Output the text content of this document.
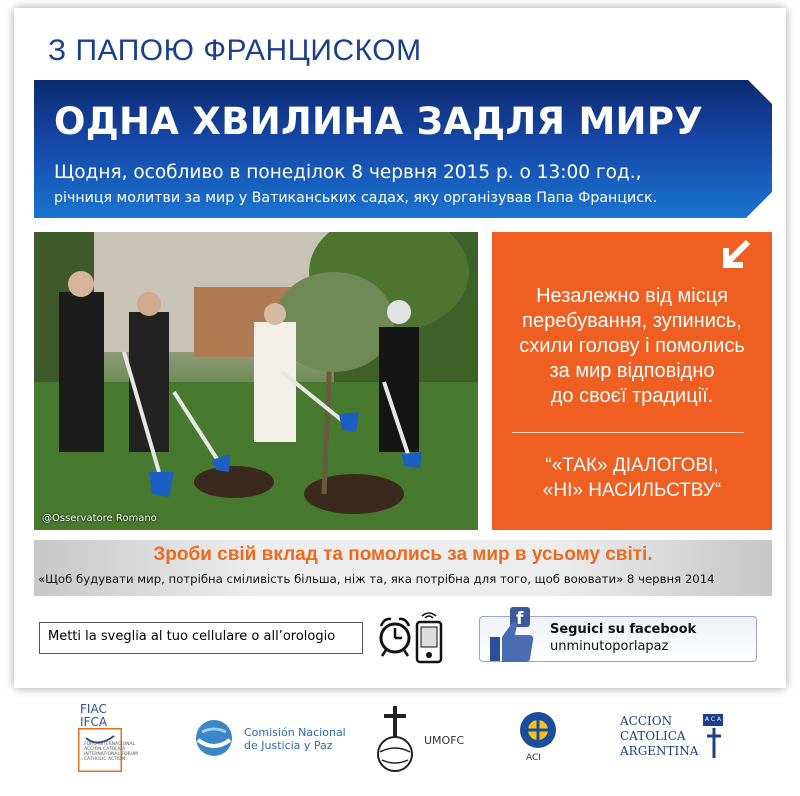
З ПАПОЮ ФРАНЦИСКОМ
ОДНА ХВИЛИНА ЗАДЛЯ МИРУ
Щодня, особливо в понеділок 8 червня 2015 р. о 13:00 год.,
річниця молитви за мир у Ватиканських садах, яку організував Папа Франциск.
@Osservatore Romano
Незалежно від місця
перебування, зупинись,
схили голову і помолись
за мир відповідно
до своєї традиції.
“«ТАК» ДІАЛОГОВІ,
«НІ» НАСИЛЬСТВУ“
Зроби свій вклад та помолись за мир в усьому світі.
«Щоб будувати мир, потрібна сміливість більша, ніж та, яка потрібна для того, щоб воювати» 8 червня 2014
Metti la sveglia al tuo cellulare o all’orologio
f
Seguici su facebook
unminutoporlapaz
FIAC
IFCA
FORO INTERNACIONAL
ACCION CATOLICA
INTERNATIONAL FORUM
CATHOLIC ACTION
Comisión Nacional
de Justicia y Paz	UMOFC
ACI
ACCION
CATOLICA
ARGENTINA
A C A
